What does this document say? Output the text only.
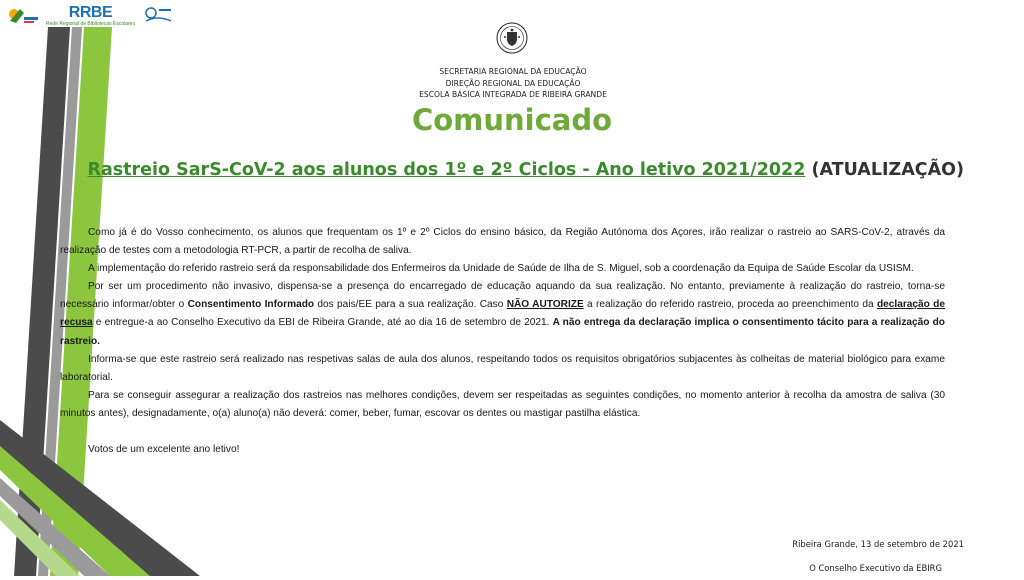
RRBE
Rede Regional de Bibliotecas Escolares
SECRETARIA REGIONAL DA EDUCAÇÃO
DIREÇÃO REGIONAL DA EDUCAÇÃO
ESCOLA BÁSICA INTEGRADA DE RIBEIRA GRANDE
Comunicado
Rastreio SarS-CoV-2 aos alunos dos 1º e 2º Ciclos - Ano letivo 2021/2022 (ATUALIZAÇÃO)

Como já é do Vosso conhecimento, os alunos que frequentam os 1º e 2º Ciclos do ensino básico, da Região Autónoma dos Açores, irão realizar o rastreio ao SARS-CoV-2, através da realização de testes com a metodologia RT-PCR, a partir de recolha de saliva.

A implementação do referido rastreio será da responsabilidade dos Enfermeiros da Unidade de Saúde de Ilha de S. Miguel, sob a coordenação da Equipa de Saúde Escolar da USISM.

Por ser um procedimento não invasivo, dispensa-se a presença do encarregado de educação aquando da sua realização. No entanto, previamente à realização do rastreio, torna-se necessário informar/obter o Consentimento Informado dos pais/EE para a sua realização. Caso NÃO AUTORIZE a realização do referido rastreio, proceda ao preenchimento da declaração de recusa e entregue-a ao Conselho Executivo da EBI de Ribeira Grande, até ao dia 16 de setembro de 2021. A não entrega da declaração implica o consentimento tácito para a realização do rastreio.

Informa-se que este rastreio será realizado nas respetivas salas de aula dos alunos, respeitando todos os requisitos obrigatórios subjacentes às colheitas de material biológico para exame laboratorial.

Para se conseguir assegurar a realização dos rastreios nas melhores condições, devem ser respeitadas as seguintes condições, no momento anterior à recolha da amostra de saliva (30 minutos antes), designadamente, o(a) aluno(a) não deverá: comer, beber, fumar, escovar os dentes ou mastigar pastilha elástica.

Votos de um excelente ano letivo!

Ribeira Grande, 13 de setembro de 2021
O Conselho Executivo da EBIRG
